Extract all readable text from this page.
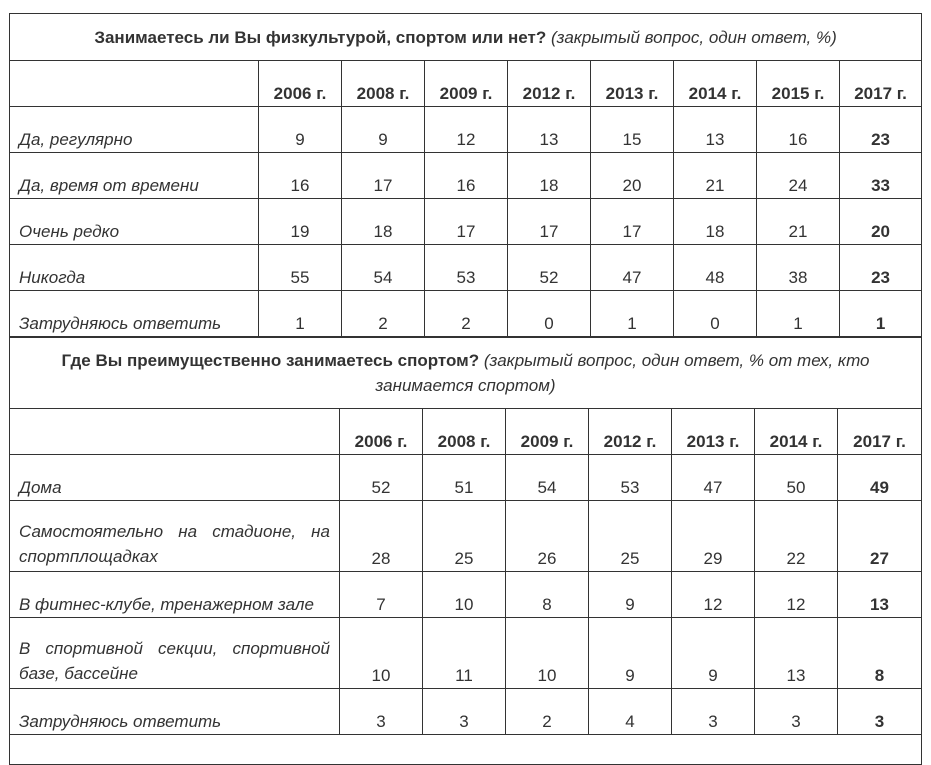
Занимаетесь ли Вы физкультурой, спортом или нет? (закрытый вопрос, один ответ, %)								
	2006 г.	2008 г.	2009 г.	2012 г.	2013 г.	2014 г.	2015 г.	2017 г.
Да, регулярно	9	9	12	13	15	13	16	23
Да, время от времени	16	17	16	18	20	21	24	33
Очень редко	19	18	17	17	17	18	21	20
Никогда	55	54	53	52	47	48	38	23
Затрудняюсь ответить	1	2	2	0	1	0	1	1
Где Вы преимущественно занимаетесь спортом? (закрытый вопрос, один ответ, % от тех, кто занимается спортом)							
	2006 г.	2008 г.	2009 г.	2012 г.	2013 г.	2014 г.	2017 г.
Дома	52	51	54	53	47	50	49
Самостоятельно на стадионе, на спортплощадках	28	25	26	25	29	22	27
В фитнес-клубе, тренажерном зале	7	10	8	9	12	12	13
В спортивной секции, спортивной базе, бассейне	10	11	10	9	9	13	8
Затрудняюсь ответить	3	3	2	4	3	3	3
